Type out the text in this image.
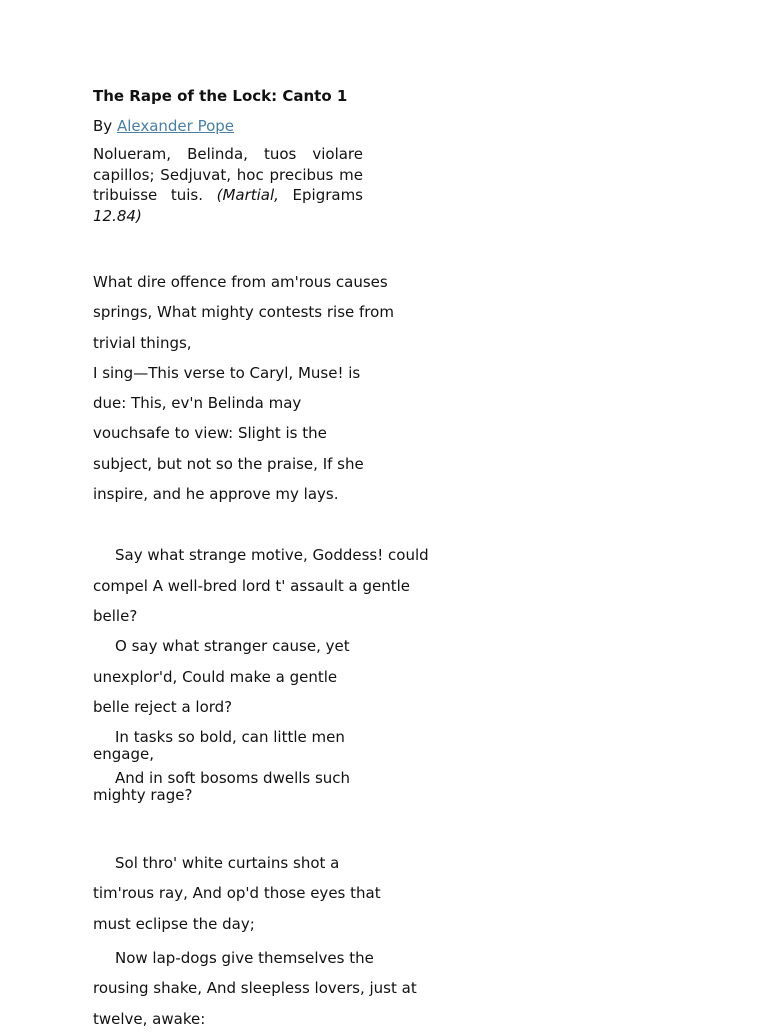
The Rape of the Lock: Canto 1
By Alexander Pope
Nolueram, Belinda, tuos violare capillos; Sedjuvat, hoc precibus me tribuisse tuis. (Martial, Epigrams 12.84)

What dire offence from am'rous causes

springs, What mighty contests rise from

trivial things,

I sing—This verse to Caryl, Muse! is

due: This, ev'n Belinda may

vouchsafe to view: Slight is the

subject, but not so the praise, If she

inspire, and he approve my lays.

Say what strange motive, Goddess! could

compel A well-bred lord t' assault a gentle

belle?

O say what stranger cause, yet

unexplor'd, Could make a gentle

belle reject a lord?

In tasks so bold, can little men engage,

And in soft bosoms dwells such mighty rage?

Sol thro' white curtains shot a

tim'rous ray, And op'd those eyes that

must eclipse the day;

Now lap-dogs give themselves the

rousing shake, And sleepless lovers, just at

twelve, awake:
